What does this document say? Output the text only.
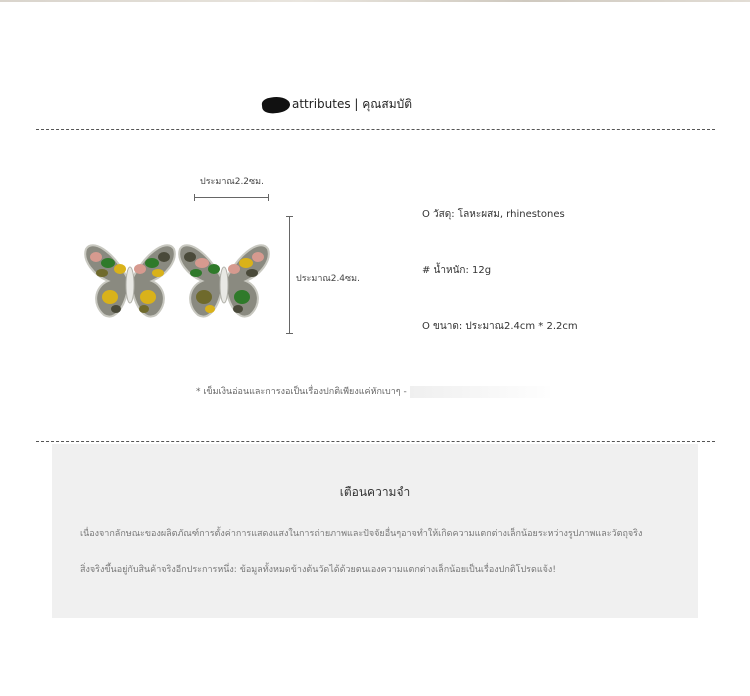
attributes | คุณสมบัติ
ประมาณ2.2ซม.
ประมาณ2.4ซม.
O วัสดุ: โลหะผสม, rhinestones
# น้ำหนัก: 12g
O ขนาด: ประมาณ2.4cm * 2.2cm
* เข็มเงินอ่อนและการงอเป็นเรื่องปกติเพียงแค่หักเบาๆ -
เตือนความจำ
เนื่องจากลักษณะของผลิตภัณฑ์การตั้งค่าการแสดงแสงในการถ่ายภาพและปัจจัยอื่นๆอาจทำให้เกิดความแตกต่างเล็กน้อยระหว่างรูปภาพและวัตถุจริง
สิ่งจริงขึ้นอยู่กับสินค้าจริงอีกประการหนึ่ง: ข้อมูลทั้งหมดข้างต้นวัดได้ด้วยตนเองความแตกต่างเล็กน้อยเป็นเรื่องปกติโปรดแจ้ง!
